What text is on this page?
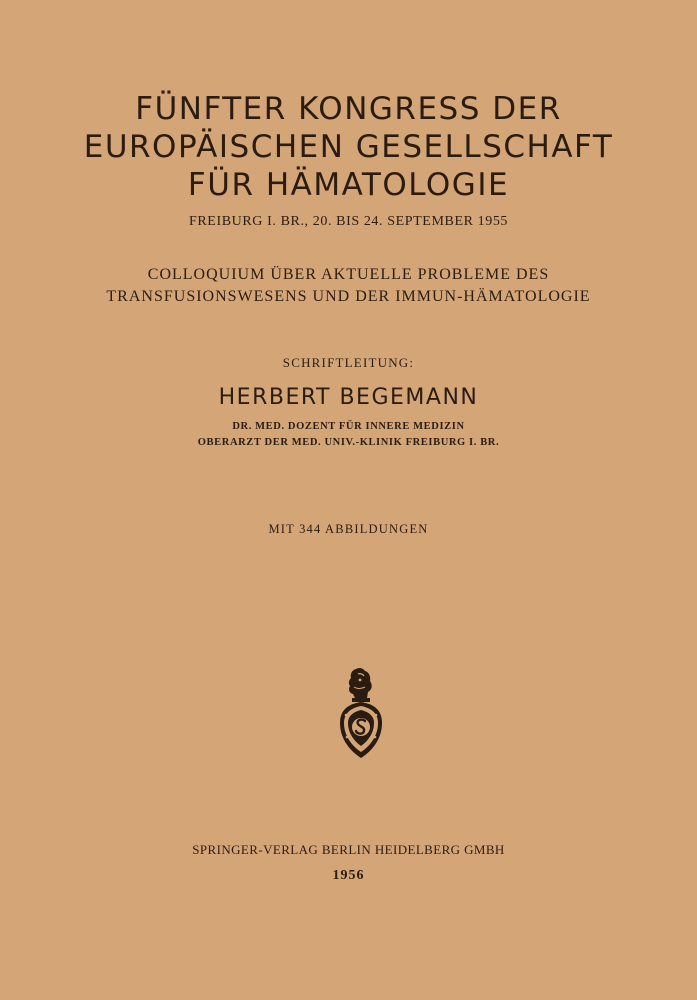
FÜNFTER KONGRESS DER
EUROPÄISCHEN GESELLSCHAFT
FÜR HÄMATOLOGIE
FREIBURG I. BR., 20. BIS 24. SEPTEMBER 1955
COLLOQUIUM ÜBER AKTUELLE PROBLEME DES
TRANSFUSIONSWESENS UND DER IMMUN-HÄMATOLOGIE
SCHRIFTLEITUNG:
HERBERT BEGEMANN
DR. MED. DOZENT FÜR INNERE MEDIZIN
OBERARZT DER MED. UNIV.-KLINIK FREIBURG I. BR.
MIT 344 ABBILDUNGEN
SPRINGER-VERLAG BERLIN HEIDELBERG GMBH
1956
